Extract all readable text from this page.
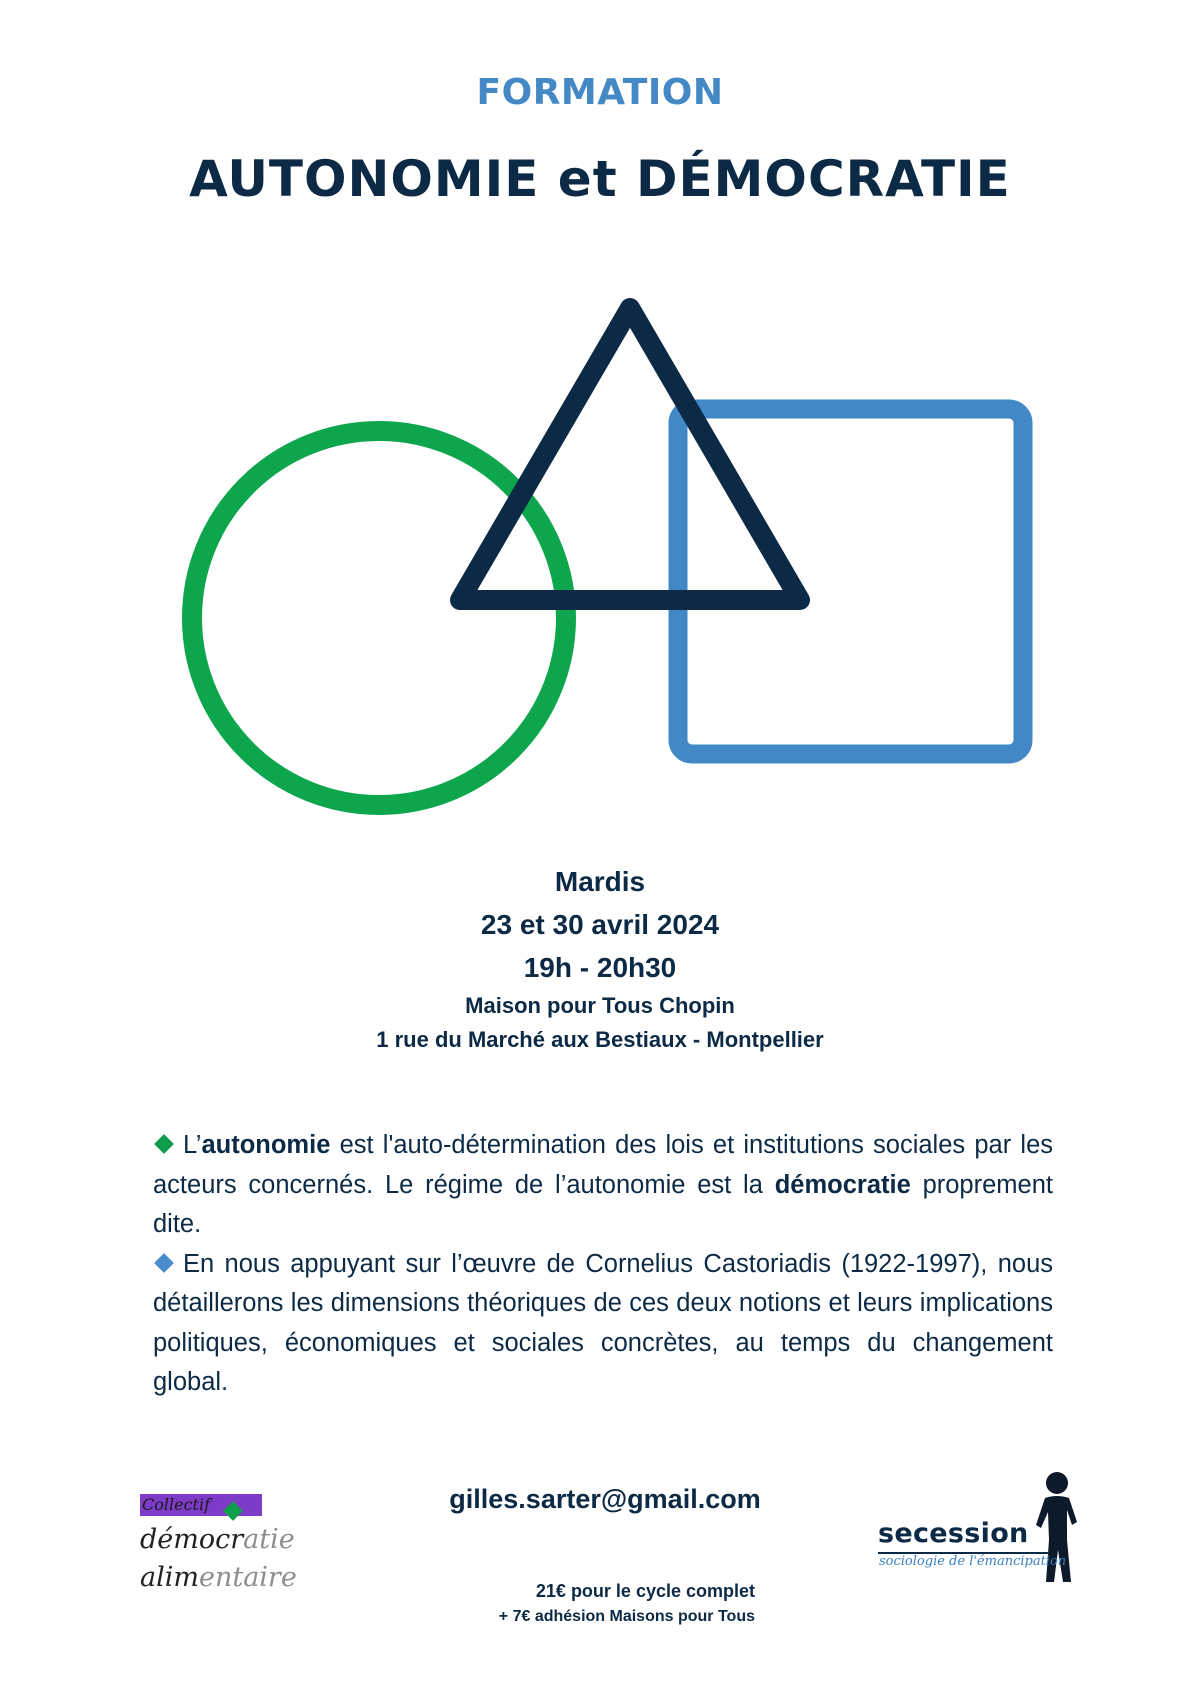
FORMATION
AUTONOMIE et DÉMOCRATIE
Mardis
23 et 30 avril 2024
19h - 20h30
Maison pour Tous Chopin
1 rue du Marché aux Bestiaux - Montpellier

L’autonomie est l'auto-détermination des lois et institutions sociales par les acteurs concernés. Le régime de l’autonomie est la démocratie proprement dite.

En nous appuyant sur l’œuvre de Cornelius Castoriadis (1922-1997), nous détaillerons les dimensions théoriques de ces deux notions et leurs implications politiques, économiques et sociales concrètes, au temps du changement global.

Collectif
démocratie
alimentaire
gilles.sarter@gmail.com
21€ pour le cycle complet
+ 7€ adhésion Maisons pour Tous
secession
sociologie de l'émancipation
